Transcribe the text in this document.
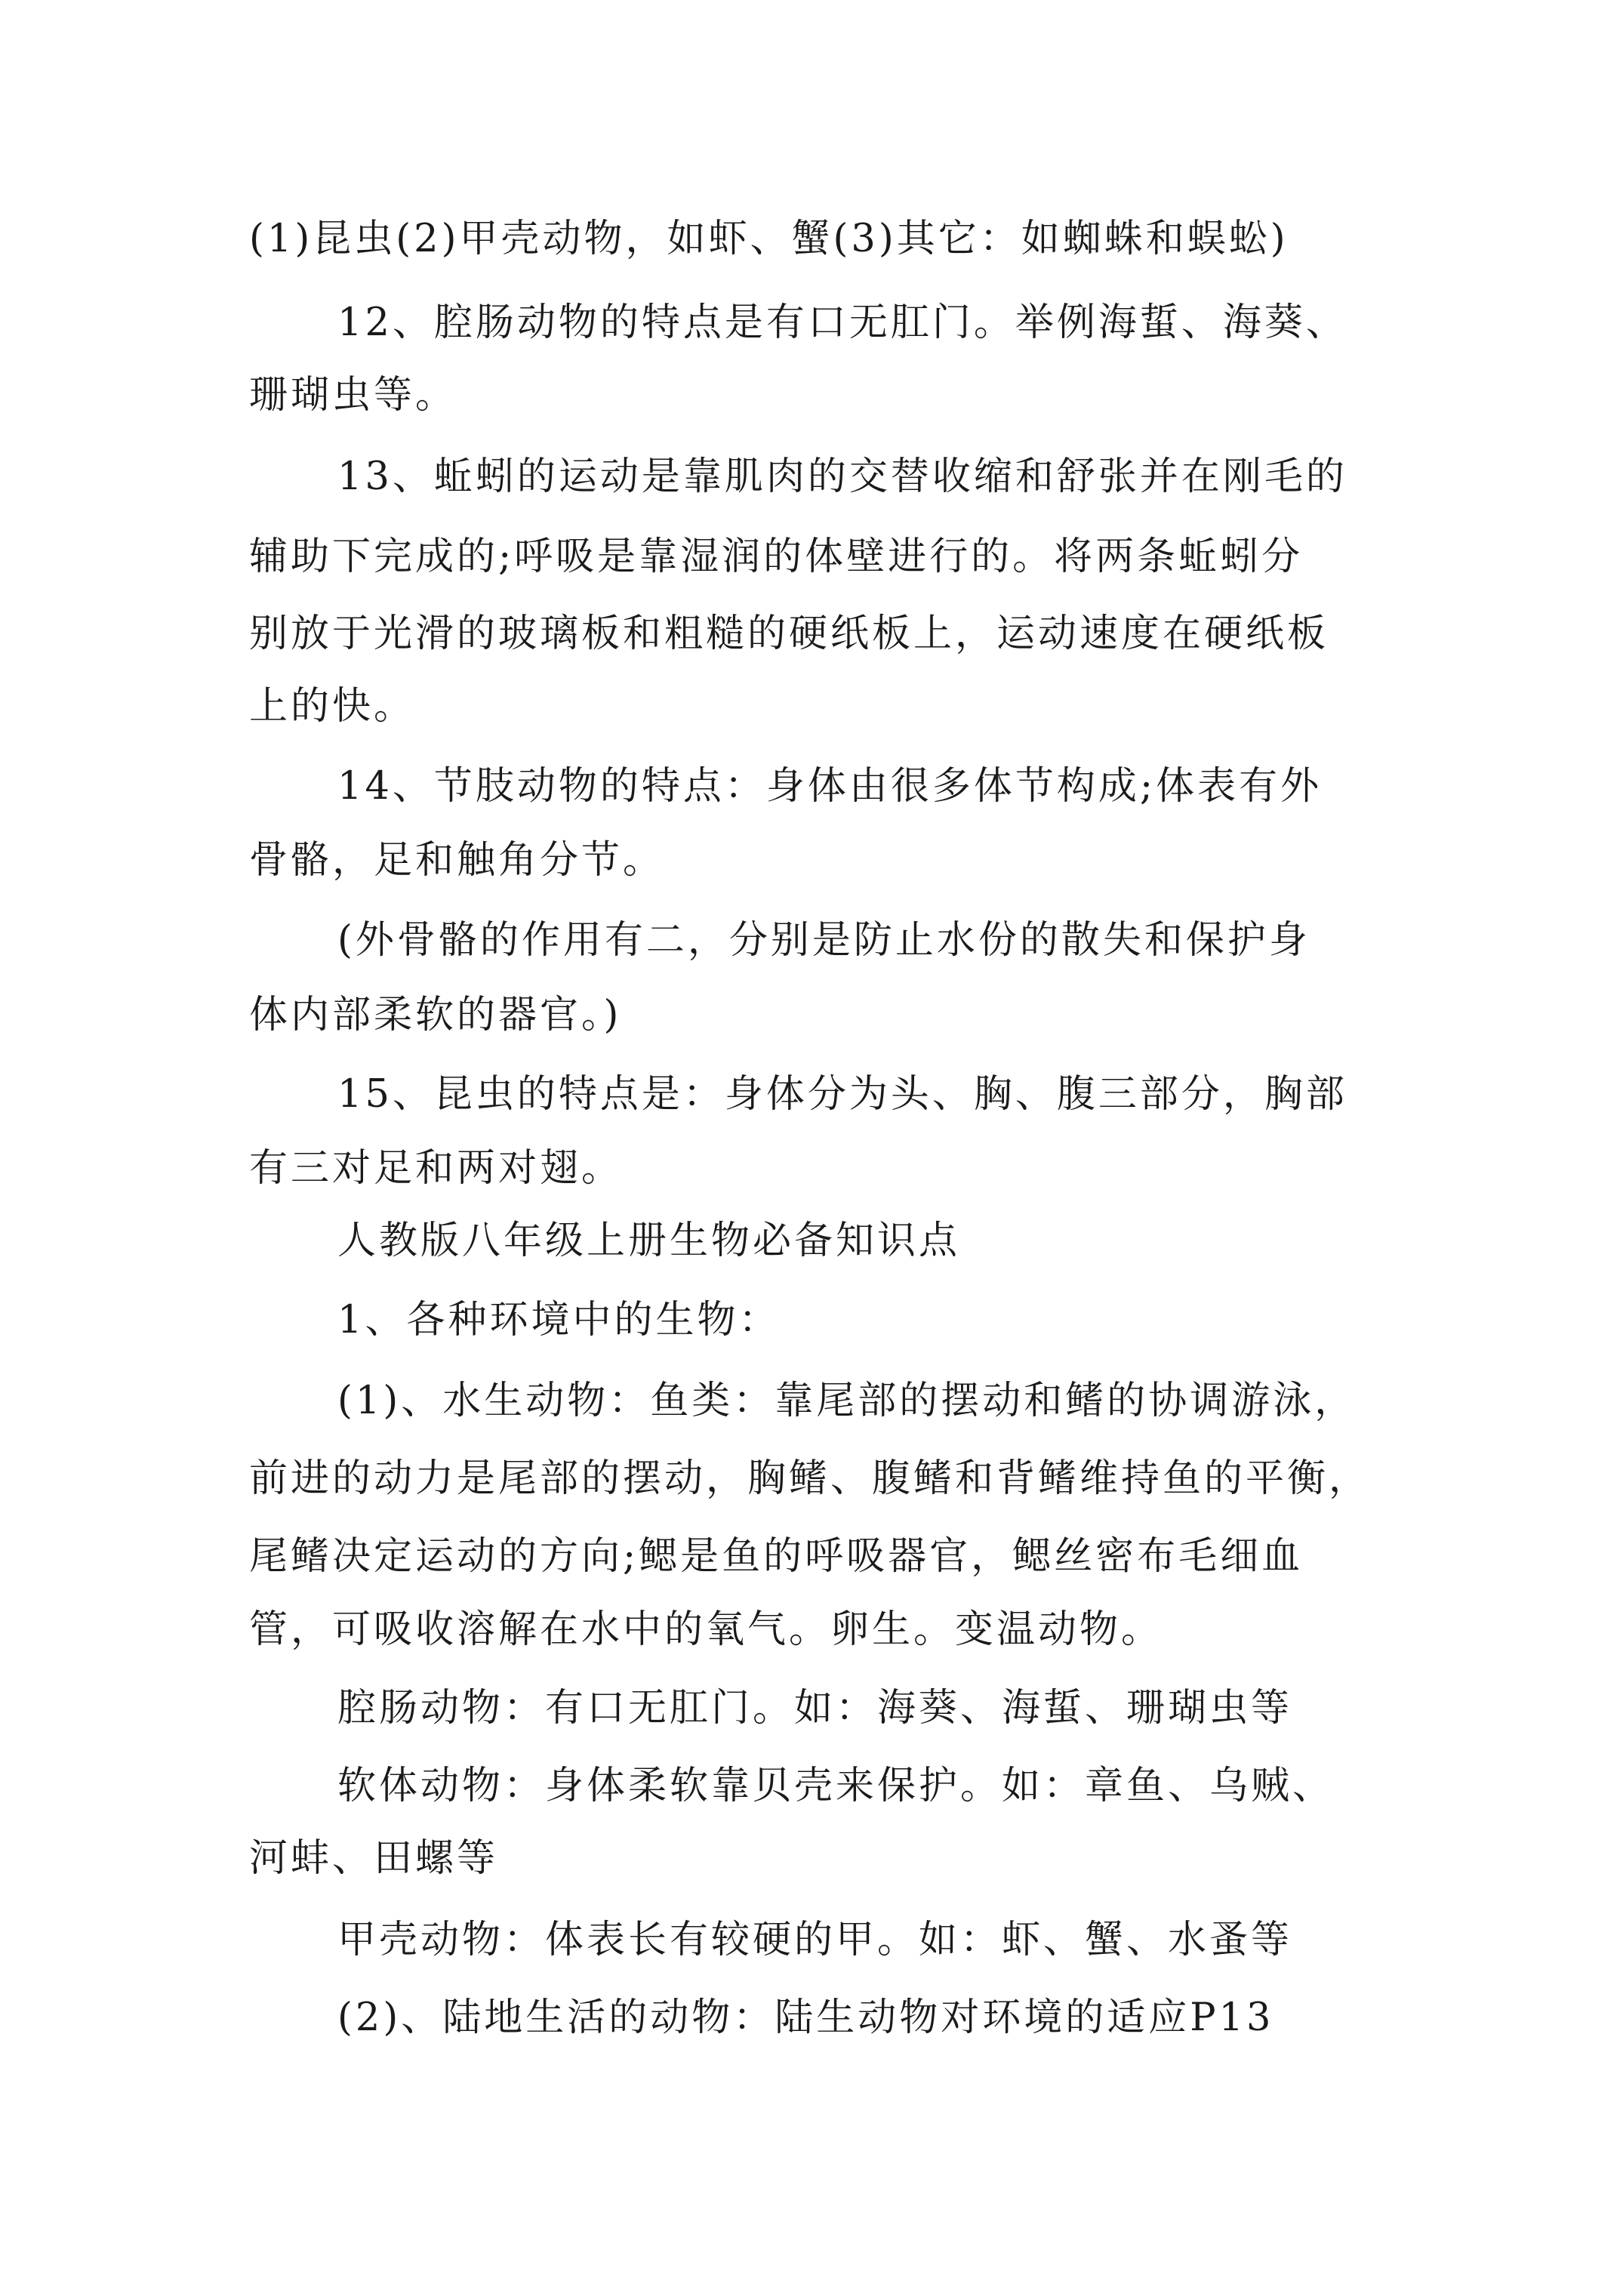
(1)昆虫(2)甲壳动物，如虾、蟹(3)其它：如蜘蛛和蜈蚣)
12、腔肠动物的特点是有口无肛门。举例海蜇、海葵、
珊瑚虫等。
13、蚯蚓的运动是靠肌肉的交替收缩和舒张并在刚毛的
辅助下完成的;呼吸是靠湿润的体壁进行的。将两条蚯蚓分
别放于光滑的玻璃板和粗糙的硬纸板上，运动速度在硬纸板
上的快。
14、节肢动物的特点：身体由很多体节构成;体表有外
骨骼，足和触角分节。
(外骨骼的作用有二，分别是防止水份的散失和保护身
体内部柔软的器官。)
15、昆虫的特点是：身体分为头、胸、腹三部分，胸部
有三对足和两对翅。
人教版八年级上册生物必备知识点
1、各种环境中的生物：
(1)、水生动物：鱼类：靠尾部的摆动和鳍的协调游泳，
前进的动力是尾部的摆动，胸鳍、腹鳍和背鳍维持鱼的平衡，
尾鳍决定运动的方向;鳃是鱼的呼吸器官，鳃丝密布毛细血
管，可吸收溶解在水中的氧气。卵生。变温动物。
腔肠动物：有口无肛门。如：海葵、海蜇、珊瑚虫等
软体动物：身体柔软靠贝壳来保护。如：章鱼、乌贼、
河蚌、田螺等
甲壳动物：体表长有较硬的甲。如：虾、蟹、水蚤等
(2)、陆地生活的动物：陆生动物对环境的适应P13
